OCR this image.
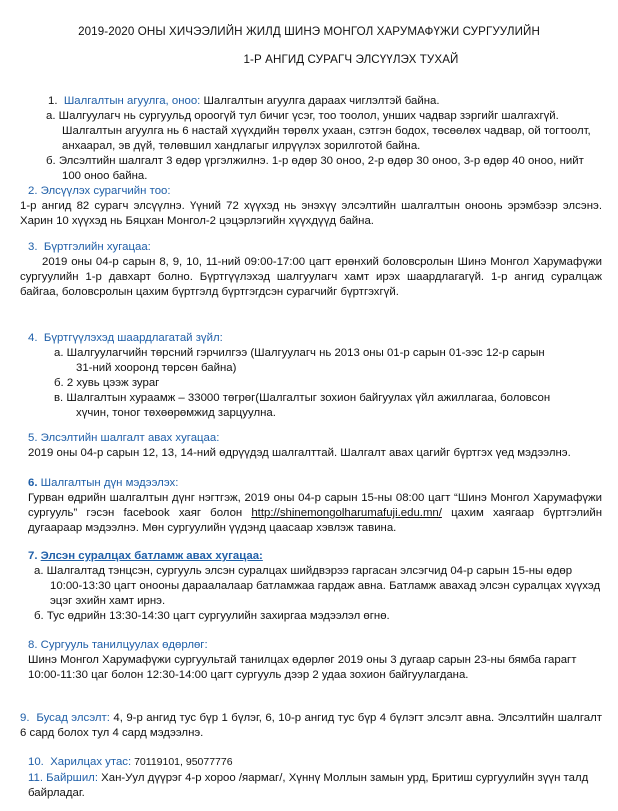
2019-2020 ОНЫ ХИЧЭЭЛИЙН ЖИЛД ШИНЭ МОНГОЛ ХАРУМАФҮЖИ СУРГУУЛИЙН
1-Р АНГИД СУРАГЧ ЭЛСҮҮЛЭХ ТУХАЙ

1. Шалгалтын агуулга, оноо: Шалгалтын агуулга дараах чиглэлтэй байна.

а. Шалгуулагч нь сургуульд ороогүй тул бичиг үсэг, тоо тоолол, унших чадвар зэргийг шалгахгүй. Шалгалтын агуулга нь 6 настай хүүхдийн төрөлх ухаан, сэтгэн бодох, төсөөлөх чадвар, ой тогтоолт, анхаарал, эв дүй, төлөвшил хандлагыг илрүүлэх зорилготой байна.

б. Элсэлтийн шалгалт 3 өдөр үргэлжилнэ. 1-р өдөр 30 оноо, 2-р өдөр 30 оноо, 3-р өдөр 40 оноо, нийт 100 оноо байна.

2. Элсүүлэх сурагчийн тоо:

1-р ангид 82 сурагч элсүүлнэ. Үүний 72 хүүхэд нь энэхүү элсэлтийн шалгалтын оноонь эрэмбээр элсэнэ. Харин 10 хүүхэд нь Бяцхан Монгол-2 цэцэрлэгийн хүүхдүүд байна.

3. Бүртгэлийн хугацаа:

2019 оны 04-р сарын 8, 9, 10, 11-ний 09:00-17:00 цагт ерөнхий боловсролын Шинэ Монгол Харумафүжи сургуулийн 1-р давхарт болно. Бүртгүүлэхэд шалгуулагч хамт ирэх шаардлагагүй. 1-р ангид суралцаж байгаа, боловсролын цахим бүртгэлд бүртгэгдсэн сурагчийг бүртгэхгүй.

4. Бүртгүүлэхэд шаардлагатай зүйл:

а. Шалгуулагчийн төрсний гэрчилгээ (Шалгуулагч нь 2013 оны 01-р сарын 01-ээс 12-р сарын 31-ний хооронд төрсөн байна)

б. 2 хувь цээж зураг

в. Шалгалтын хураамж – 33000 төгрөг(Шалгалтыг зохион байгуулах үйл ажиллагаа, боловсон хүчин, тоног төхөөрөмжид зарцуулна.

5. Элсэлтийн шалгалт авах хугацаа:

2019 оны 04-р сарын 12, 13, 14-ний өдрүүдэд шалгалттай. Шалгалт авах цагийг бүртгэх үед мэдээлнэ.

6. Шалгалтын дүн мэдээлэх:

Гурван өдрийн шалгалтын дүнг нэгтгэж, 2019 оны 04-р сарын 15-ны 08:00 цагт “Шинэ Монгол Харумафүжи сургууль” гэсэн facebook хаяг болон http://shinemongolharumafuji.edu.mn/ цахим хаягаар бүртгэлийн дугаараар мэдээлнэ. Мөн сургуулийн үүдэнд цаасаар хэвлэж тавина.

7. Элсэн суралцах батламж авах хугацаа:

а. Шалгалтад тэнцсэн, сургууль элсэн суралцах шийдвэрээ гаргасан элсэгчид 04-р сарын 15-ны өдөр 10:00-13:30 цагт онооны дараалалаар батламжаа гардаж авна. Батламж авахад элсэн суралцах хүүхэд эцэг эхийн хамт ирнэ.

б. Тус өдрийн 13:30-14:30 цагт сургуулийн захиргаа мэдээлэл өгнө.

8. Сургууль танилцуулах өдөрлөг:

Шинэ Монгол Харумафүжи сургуультай танилцах өдөрлөг 2019 оны 3 дугаар сарын 23-ны бямба гарагт 10:00-11:30 цаг болон 12:30-14:00 цагт сургууль дээр 2 удаа зохион байгуулагдана.

9. Бусад элсэлт: 4, 9-р ангид тус бүр 1 бүлэг, 6, 10-р ангид тус бүр 4 бүлэгт элсэлт авна. Элсэлтийн шалгалт 6 сард болох тул 4 сард мэдээлнэ.

10. Харилцах утас: 70119101, 95077776

11. Байршил: Хан-Уул дүүрэг 4-р хороо /яармаг/, Хүннү Моллын замын урд, Бритиш сургуулийн зүүн талд байрладаг.
